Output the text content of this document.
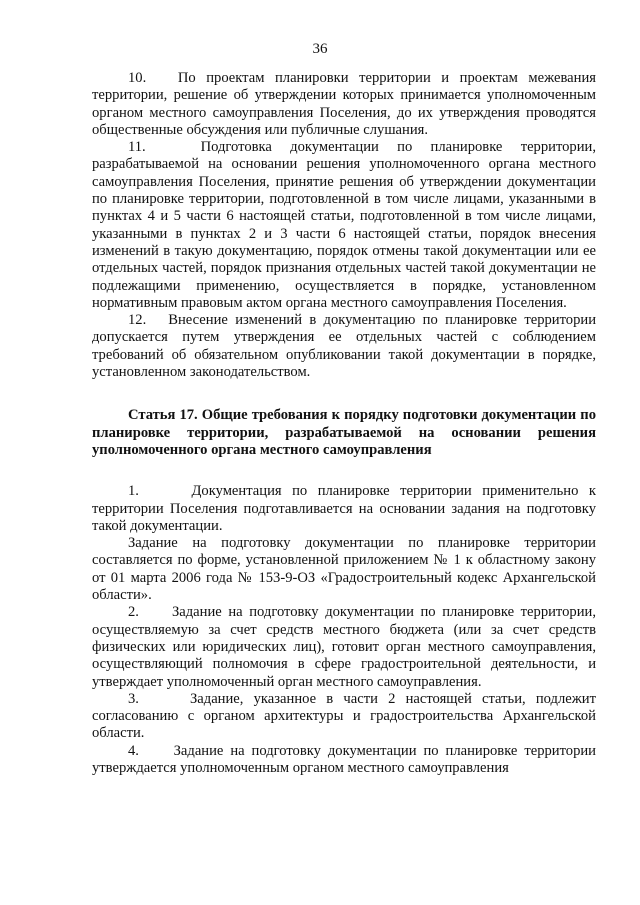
36

10.   По проектам планировки территории и проектам межевания территории, решение об утверждении которых принимается уполномоченным органом местного самоуправления Поселения, до их утверждения проводятся общественные обсуждения или публичные слушания.

11.   Подготовка документации по планировке территории, разрабатываемой на основании решения уполномоченного органа местного самоуправления Поселения, принятие решения об утверждении документации по планировке территории, подготовленной в том числе лицами, указанными в пунктах 4 и 5 части 6 настоящей статьи, подготовленной в том числе лицами, указанными в пунктах 2 и 3 части 6 настоящей статьи, порядок внесения изменений в такую документацию, порядок отмены такой документации или ее отдельных частей, порядок признания отдельных частей такой документации не подлежащими применению, осуществляется в порядке, установленном нормативным правовым актом органа местного самоуправления Поселения.

12.   Внесение изменений в документацию по планировке территории допускается путем утверждения ее отдельных частей с соблюдением требований об обязательном опубликовании такой документации в порядке, установленном законодательством.

Статья 17. Общие требования к порядку подготовки документации по планировке территории, разрабатываемой на основании решения уполномоченного органа местного самоуправления

1.     Документация по планировке территории применительно к территории Поселения подготавливается на основании задания на подготовку такой документации.

Задание на подготовку документации по планировке территории составляется по форме, установленной приложением № 1 к областному закону от 01 марта 2006 года № 153-9-ОЗ «Градостроительный кодекс Архангельской области».

2.     Задание на подготовку документации по планировке территории, осуществляемую за счет средств местного бюджета (или за счет средств физических или юридических лиц), готовит орган местного самоуправления, осуществляющий полномочия в сфере градостроительной деятельности, и утверждает уполномоченный орган местного самоуправления.

3.     Задание, указанное в части 2 настоящей статьи, подлежит согласованию с органом архитектуры и градостроительства Архангельской области.

4.     Задание на подготовку документации по планировке территории утверждается уполномоченным органом местного самоуправления
